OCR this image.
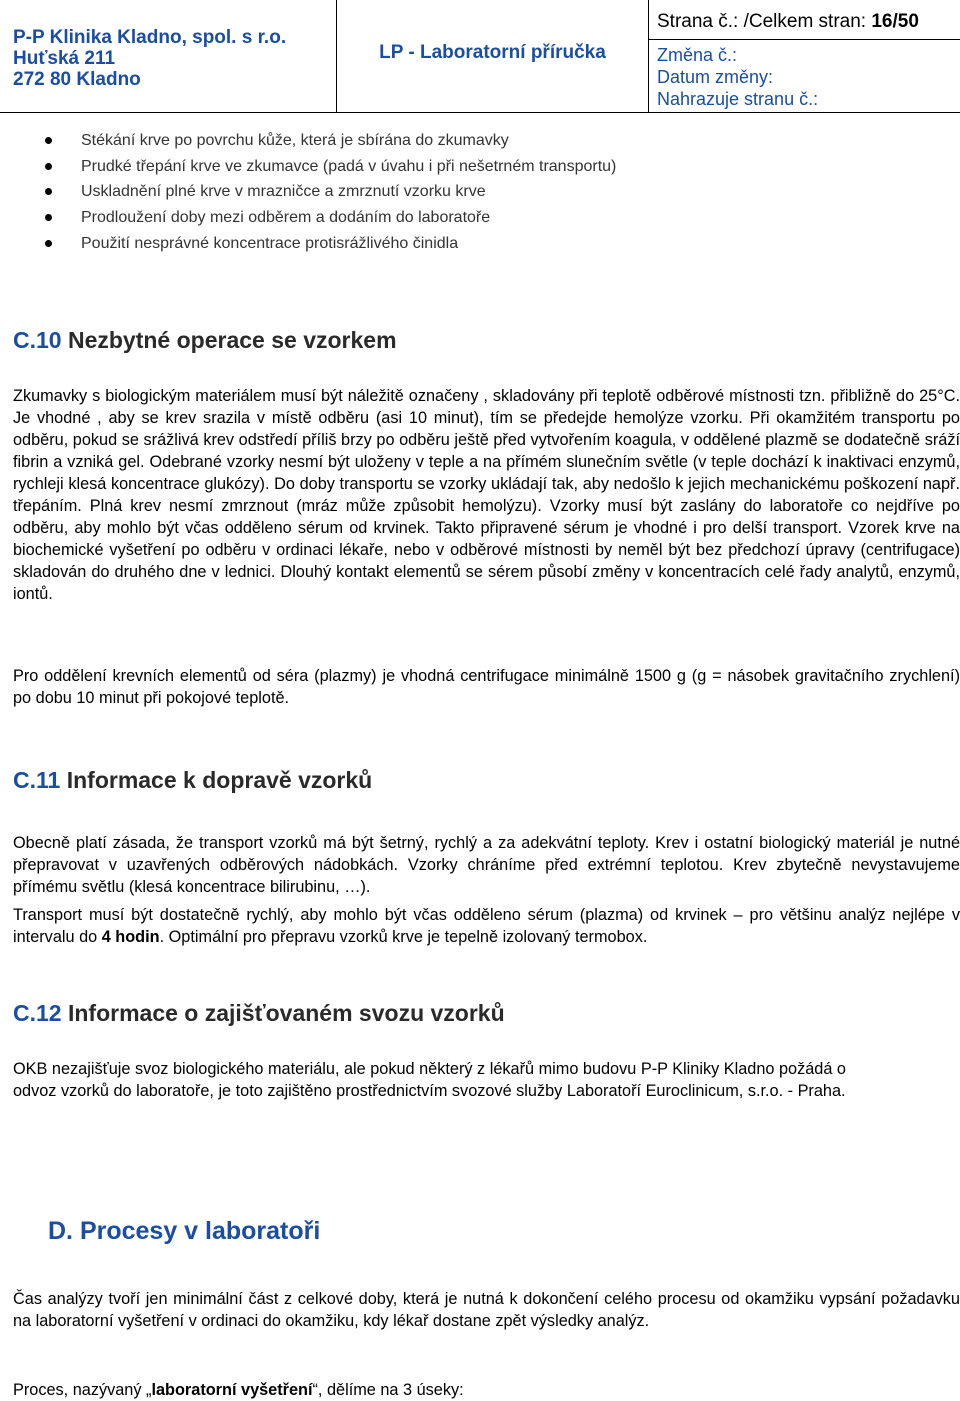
P-P Klinika Kladno, spol. s r.o.
Huťská 211
272 80 Kladno
LP - Laboratorní příručka
Strana č.: /Celkem stran: 16/50
Změna č.:
Datum změny:
Nahrazuje stranu č.:
Stékání krve po povrchu kůže, která je sbírána do zkumavky
Prudké třepání krve ve zkumavce (padá v úvahu i při nešetrném transportu)
Uskladnění plné krve v mrazničce a zmrznutí vzorku krve
Prodloužení doby mezi odběrem a dodáním do laboratoře
Použití nesprávné koncentrace protisrážlivého činidla
C.10 Nezbytné operace se vzorkem
Zkumavky s biologickým materiálem musí být náležitě označeny , skladovány při teplotě odběrové místnosti tzn. přibližně do 25°C. Je vhodné , aby se krev srazila v místě odběru (asi 10 minut), tím se předejde hemolýze vzorku. Při okamžitém transportu po odběru, pokud se srážlivá krev odstředí příliš brzy po odběru ještě před vytvořením koagula, v oddělené plazmě se dodatečně sráží fibrin a vzniká gel. Odebrané vzorky nesmí být uloženy v teple a na přímém slunečním světle (v teple dochází k inaktivaci enzymů, rychleji klesá koncentrace glukózy). Do doby transportu se vzorky ukládají tak, aby nedošlo k jejich mechanickému poškození např. třepáním. Plná krev nesmí zmrznout (mráz může způsobit hemolýzu). Vzorky musí být zaslány do laboratoře co nejdříve po odběru, aby mohlo být včas odděleno sérum od krvinek. Takto připravené sérum je vhodné i pro delší transport. Vzorek krve na biochemické vyšetření po odběru v ordinaci lékaře, nebo v odběrové místnosti by neměl být bez předchozí úpravy (centrifugace) skladován do druhého dne v lednici. Dlouhý kontakt elementů se sérem působí změny v koncentracích celé řady analytů, enzymů, iontů.
Pro oddělení krevních elementů od séra (plazmy) je vhodná centrifugace minimálně 1500 g (g = násobek gravitačního zrychlení) po dobu 10 minut při pokojové teplotě.
C.11 Informace k dopravě vzorků
Obecně platí zásada, že transport vzorků má být šetrný, rychlý a za adekvátní teploty. Krev i ostatní biologický materiál je nutné přepravovat v uzavřených odběrových nádobkách. Vzorky chráníme před extrémní teplotou. Krev zbytečně nevystavujeme přímému světlu (klesá koncentrace bilirubinu, …).
Transport musí být dostatečně rychlý, aby mohlo být včas odděleno sérum (plazma) od krvinek – pro většinu analýz nejlépe v intervalu do 4 hodin. Optimální pro přepravu vzorků krve je tepelně izolovaný termobox.
C.12 Informace o zajišťovaném svozu vzorků
OKB nezajišťuje svoz biologického materiálu, ale pokud některý z lékařů mimo budovu P-P Kliniky Kladno požádá o odvoz vzorků do laboratoře, je toto zajištěno prostřednictvím svozové služby Laboratoří Euroclinicum, s.r.o. - Praha.
D. Procesy v laboratoři
Čas analýzy tvoří jen minimální část z celkové doby, která je nutná k dokončení celého procesu od okamžiku vypsání požadavku na laboratorní vyšetření v ordinaci do okamžiku, kdy lékař dostane zpět výsledky analýz.
Proces, nazývaný „laboratorní vyšetření“, dělíme na 3 úseky:
